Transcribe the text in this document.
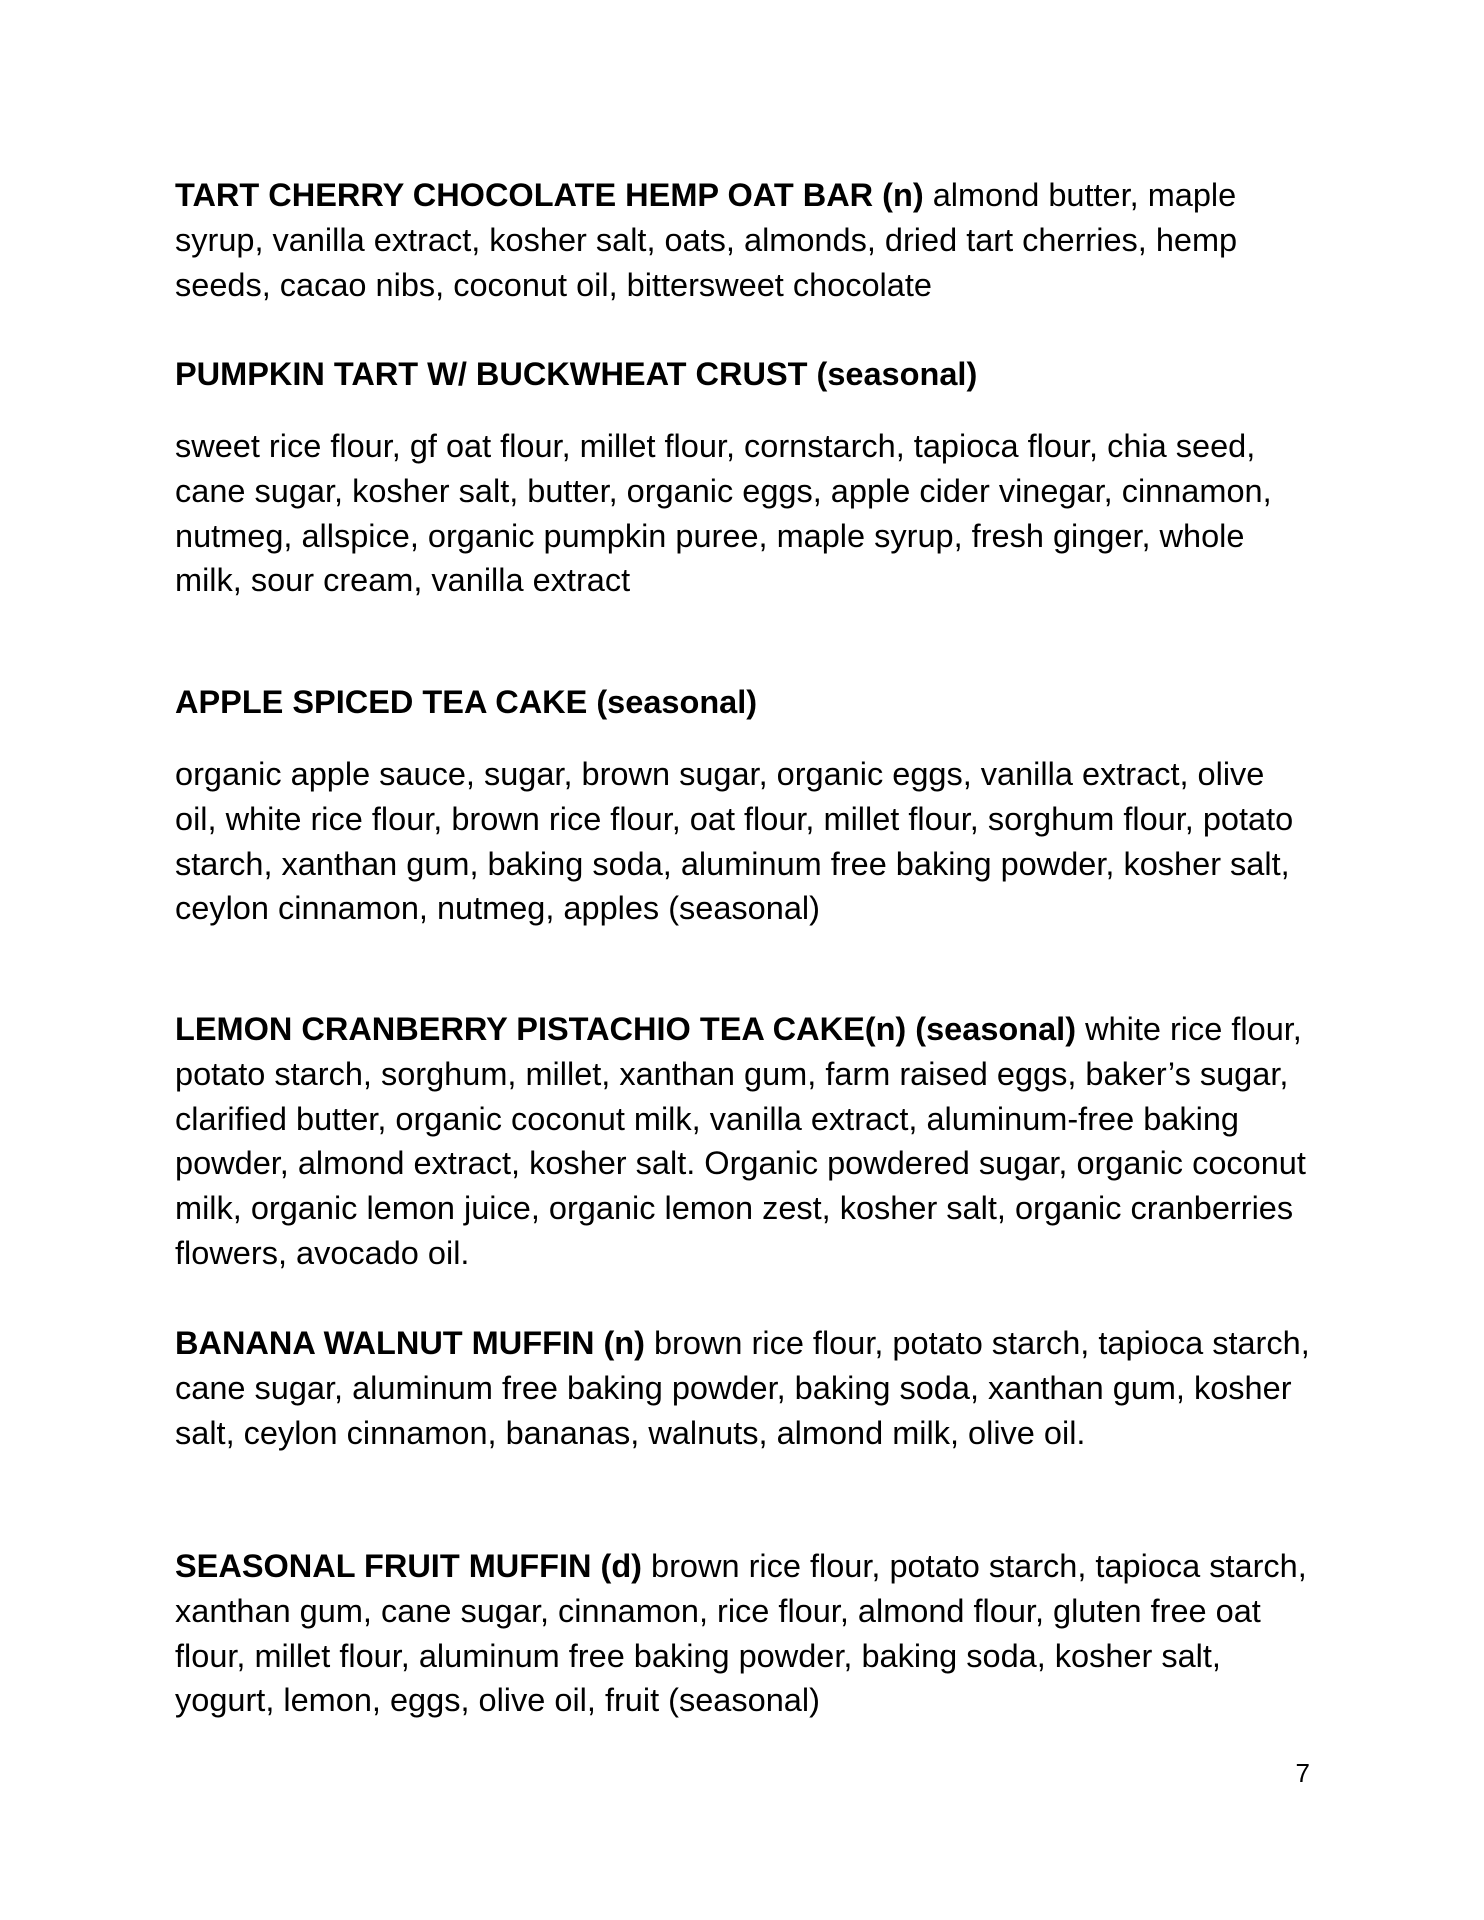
TART CHERRY CHOCOLATE HEMP OAT BAR (n) almond butter, maple syrup, vanilla extract, kosher salt, oats, almonds, dried tart cherries, hemp seeds, cacao nibs, coconut oil, bittersweet chocolate

PUMPKIN TART W/ BUCKWHEAT CRUST (seasonal)

sweet rice flour, gf oat flour, millet flour, cornstarch, tapioca flour, chia seed, cane sugar, kosher salt, butter, organic eggs, apple cider vinegar, cinnamon, nutmeg, allspice, organic pumpkin puree, maple syrup, fresh ginger, whole milk, sour cream, vanilla extract

APPLE SPICED TEA CAKE (seasonal)

organic apple sauce, sugar, brown sugar, organic eggs, vanilla extract, olive oil, white rice flour, brown rice flour, oat flour, millet flour, sorghum flour, potato starch, xanthan gum, baking soda, aluminum free baking powder, kosher salt, ceylon cinnamon, nutmeg, apples (seasonal)

LEMON CRANBERRY PISTACHIO TEA CAKE(n) (seasonal) white rice flour, potato starch, sorghum, millet, xanthan gum, farm raised eggs, baker’s sugar, clarified butter, organic coconut milk, vanilla extract, aluminum-free baking powder, almond extract, kosher salt. Organic powdered sugar, organic coconut milk, organic lemon juice, organic lemon zest, kosher salt, organic cranberries flowers, avocado oil.

BANANA WALNUT MUFFIN (n) brown rice flour, potato starch, tapioca starch, cane sugar, aluminum free baking powder, baking soda, xanthan gum, kosher salt, ceylon cinnamon, bananas, walnuts, almond milk, olive oil.

SEASONAL FRUIT MUFFIN (d) brown rice flour, potato starch, tapioca starch, xanthan gum, cane sugar, cinnamon, rice flour, almond flour, gluten free oat flour, millet flour, aluminum free baking powder, baking soda, kosher salt, yogurt, lemon, eggs, olive oil, fruit (seasonal)

7
